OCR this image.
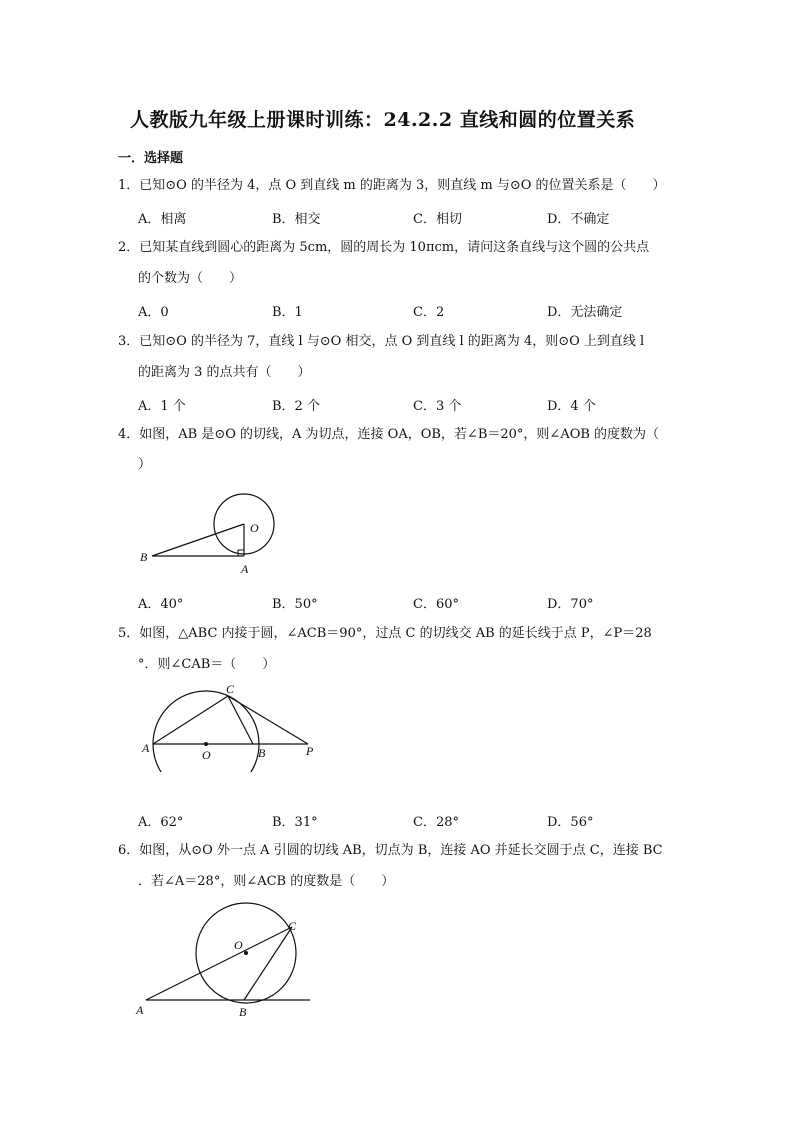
人教版九年级上册课时训练：24.2.2 直线和圆的位置关系
一．选择题
1．已知⊙O 的半径为 4，点 O 到直线 m 的距离为 3，则直线 m 与⊙O 的位置关系是（　　）
A．相离	B．相交	C．相切	D．不确定
2．已知某直线到圆心的距离为 5cm，圆的周长为 10πcm，请问这条直线与这个圆的公共点
的个数为（　　）
A．0	B．1	C．2	D．无法确定
3．已知⊙O 的半径为 7，直线 l 与⊙O 相交，点 O 到直线 l 的距离为 4，则⊙O 上到直线 l
的距离为 3 的点共有（　　）
A．1 个	B．2 个	C．3 个	D．4 个
4．如图，AB 是⊙O 的切线，A 为切点，连接 OA，OB，若∠B＝20°，则∠AOB 的度数为（
）
O
B
A
A．40°	B．50°	C．60°	D．70°
5．如图，△ABC 内接于圆，∠ACB＝90°，过点 C 的切线交 AB 的延长线于点 P，∠P＝28
°．则∠CAB＝（　　）
C
A	O	B	P
A．62°	B．31°	C．28°	D．56°
6．如图，从⊙O 外一点 A 引圆的切线 AB，切点为 B，连接 AO 并延长交圆于点 C，连接 BC
．若∠A＝28°，则∠ACB 的度数是（　　）
C
O
A	B
